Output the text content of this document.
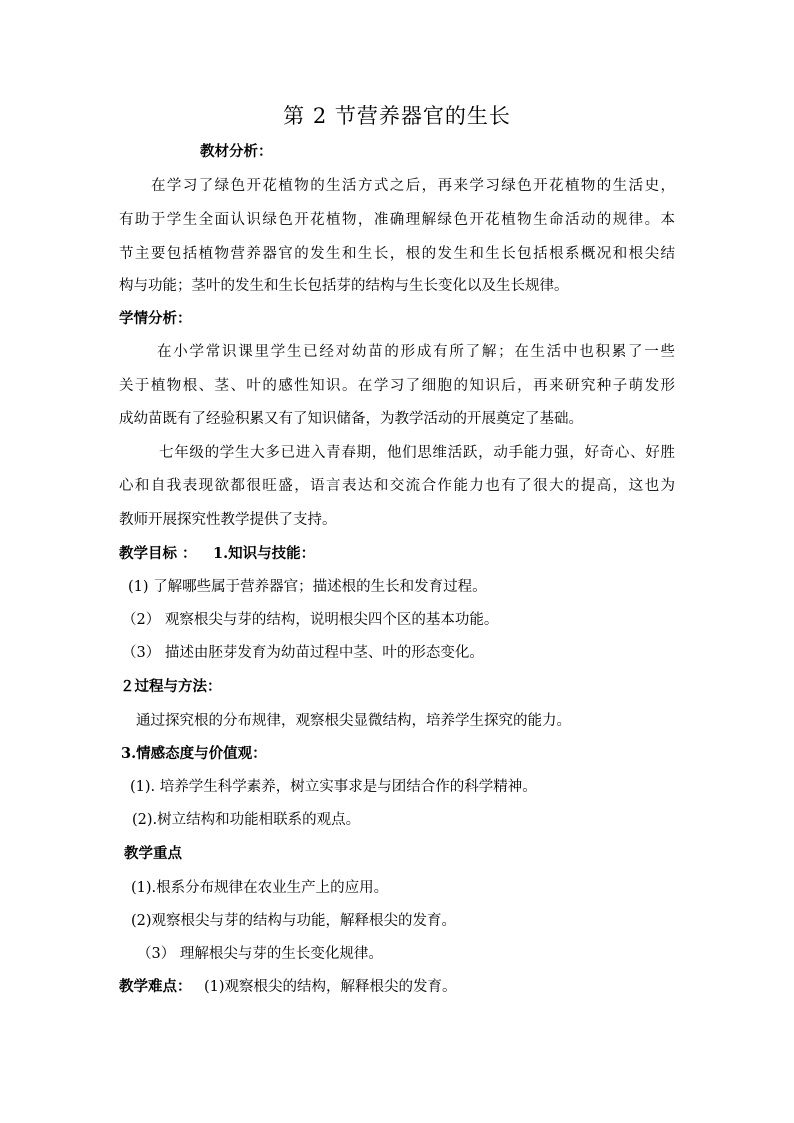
第 2 节营养器官的生长
教材分析：
在学习了绿色开花植物的生活方式之后，再来学习绿色开花植物的生活史，
有助于学生全面认识绿色开花植物，准确理解绿色开花植物生命活动的规律。本
节主要包括植物营养器官的发生和生长，根的发生和生长包括根系概况和根尖结
构与功能；茎叶的发生和生长包括芽的结构与生长变化以及生长规律。
学情分析：
在小学常识课里学生已经对幼苗的形成有所了解；在生活中也积累了一些
关于植物根、茎、叶的感性知识。在学习了细胞的知识后，再来研究种子萌发形
成幼苗既有了经验积累又有了知识储备，为教学活动的开展奠定了基础。
七年级的学生大多已进入青春期，他们思维活跃，动手能力强，好奇心、好胜
心和自我表现欲都很旺盛，语言表达和交流合作能力也有了很大的提高，这也为
教师开展探究性教学提供了支持。
教学目标 ： 1.知识与技能：
(1) 了解哪些属于营养器官；描述根的生长和发育过程。
（2） 观察根尖与芽的结构，说明根尖四个区的基本功能。
（3） 描述由胚芽发育为幼苗过程中茎、叶的形态变化。
２过程与方法：
通过探究根的分布规律，观察根尖显微结构，培养学生探究的能力。
3.情感态度与价值观：
(1). 培养学生科学素养，树立实事求是与团结合作的科学精神。
(2).树立结构和功能相联系的观点。
教学重点
(1).根系分布规律在农业生产上的应用。
(2)观察根尖与芽的结构与功能，解释根尖的发育。
（3） 理解根尖与芽的生长变化规律。
教学难点： (1)观察根尖的结构，解释根尖的发育。
